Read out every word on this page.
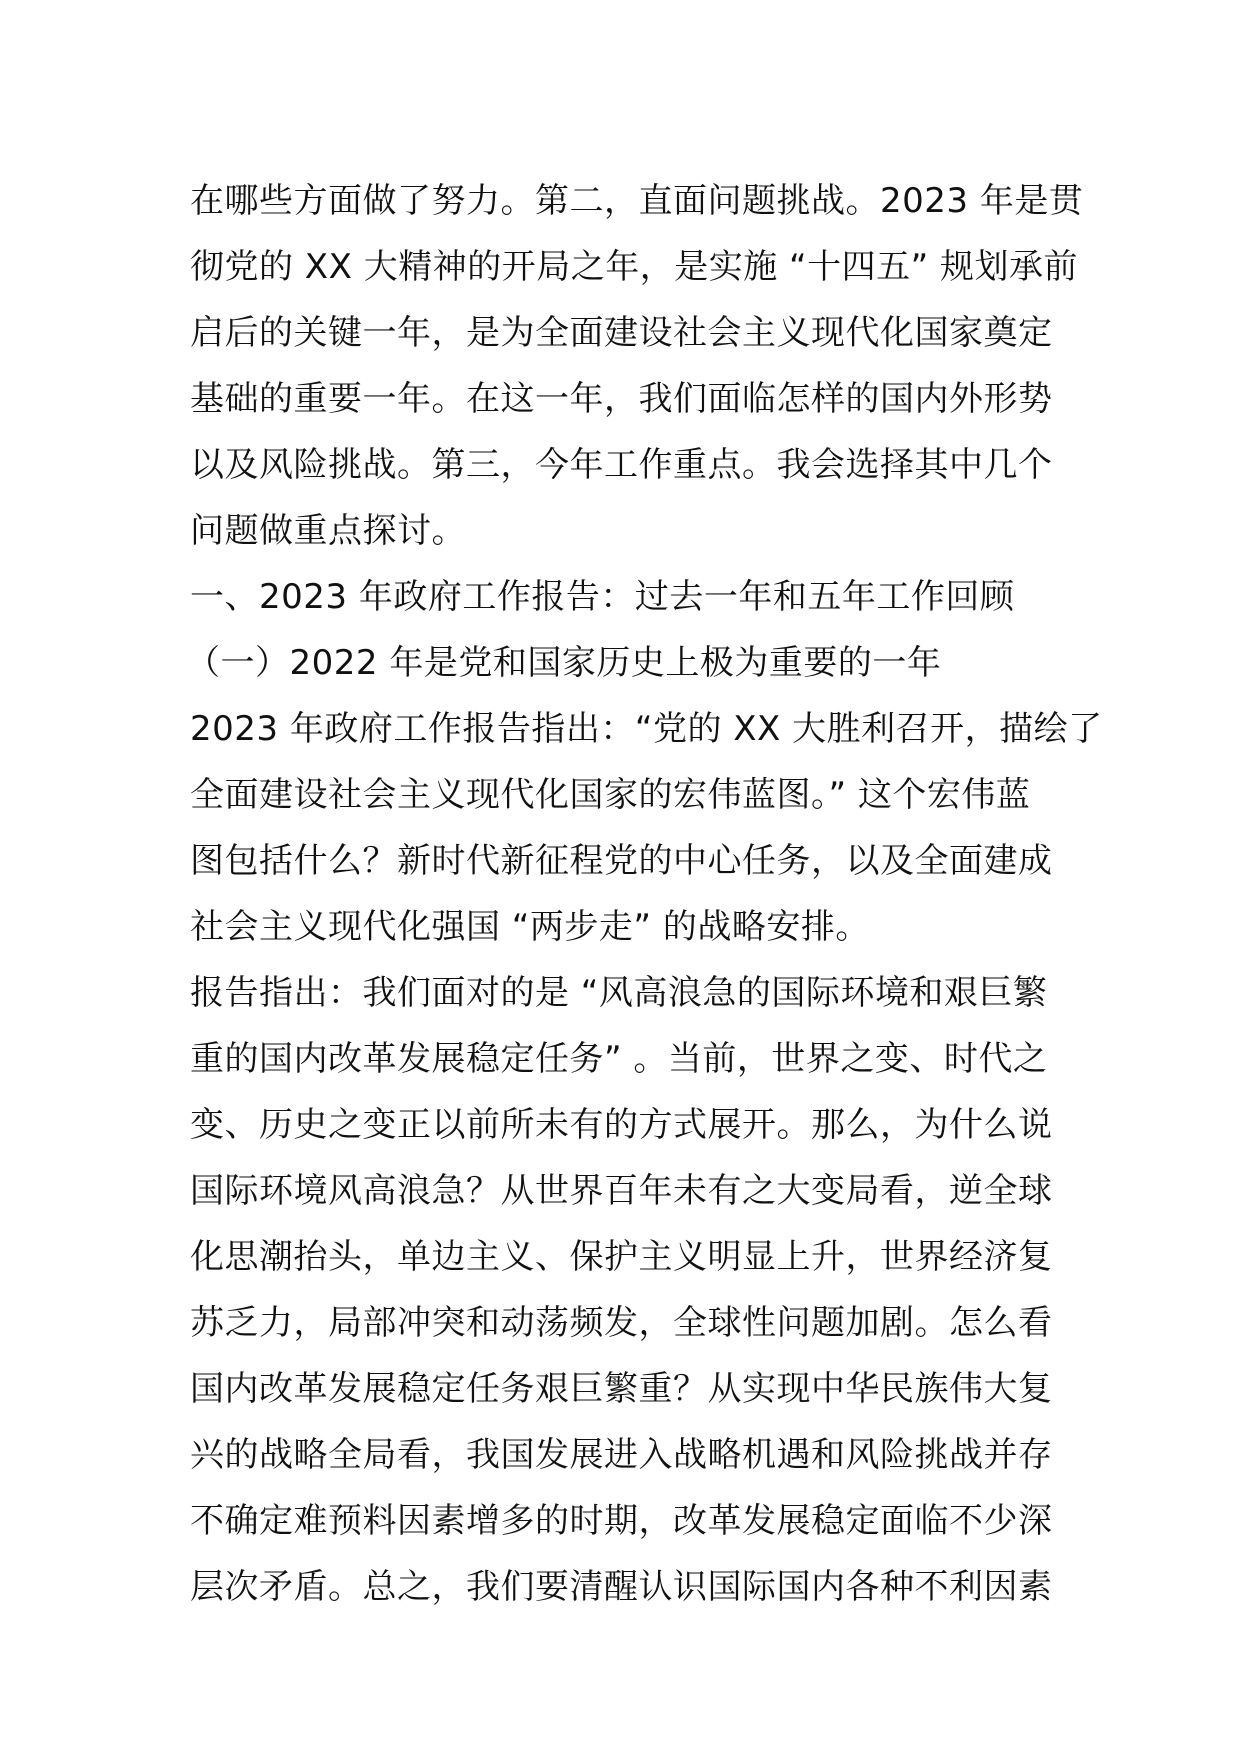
在哪些方面做了努力。第二，直面问题挑战。2023 年是贯
彻党的 XX 大精神的开局之年，是实施 “十四五” 规划承前
启后的关键一年，是为全面建设社会主义现代化国家奠定
基础的重要一年。在这一年，我们面临怎样的国内外形势
以及风险挑战。第三，今年工作重点。我会选择其中几个
问题做重点探讨。
一、2023 年政府工作报告：过去一年和五年工作回顾
（一）2022 年是党和国家历史上极为重要的一年
2023 年政府工作报告指出：“党的 XX 大胜利召开，描绘了
全面建设社会主义现代化国家的宏伟蓝图。” 这个宏伟蓝
图包括什么？新时代新征程党的中心任务，以及全面建成
社会主义现代化强国 “两步走” 的战略安排。
报告指出：我们面对的是 “风高浪急的国际环境和艰巨繁
重的国内改革发展稳定任务” 。当前，世界之变、时代之
变、历史之变正以前所未有的方式展开。那么，为什么说
国际环境风高浪急？从世界百年未有之大变局看，逆全球
化思潮抬头，单边主义、保护主义明显上升，世界经济复
苏乏力，局部冲突和动荡频发，全球性问题加剧。怎么看
国内改革发展稳定任务艰巨繁重？从实现中华民族伟大复
兴的战略全局看，我国发展进入战略机遇和风险挑战并存
不确定难预料因素增多的时期，改革发展稳定面临不少深
层次矛盾。总之，我们要清醒认识国际国内各种不利因素
